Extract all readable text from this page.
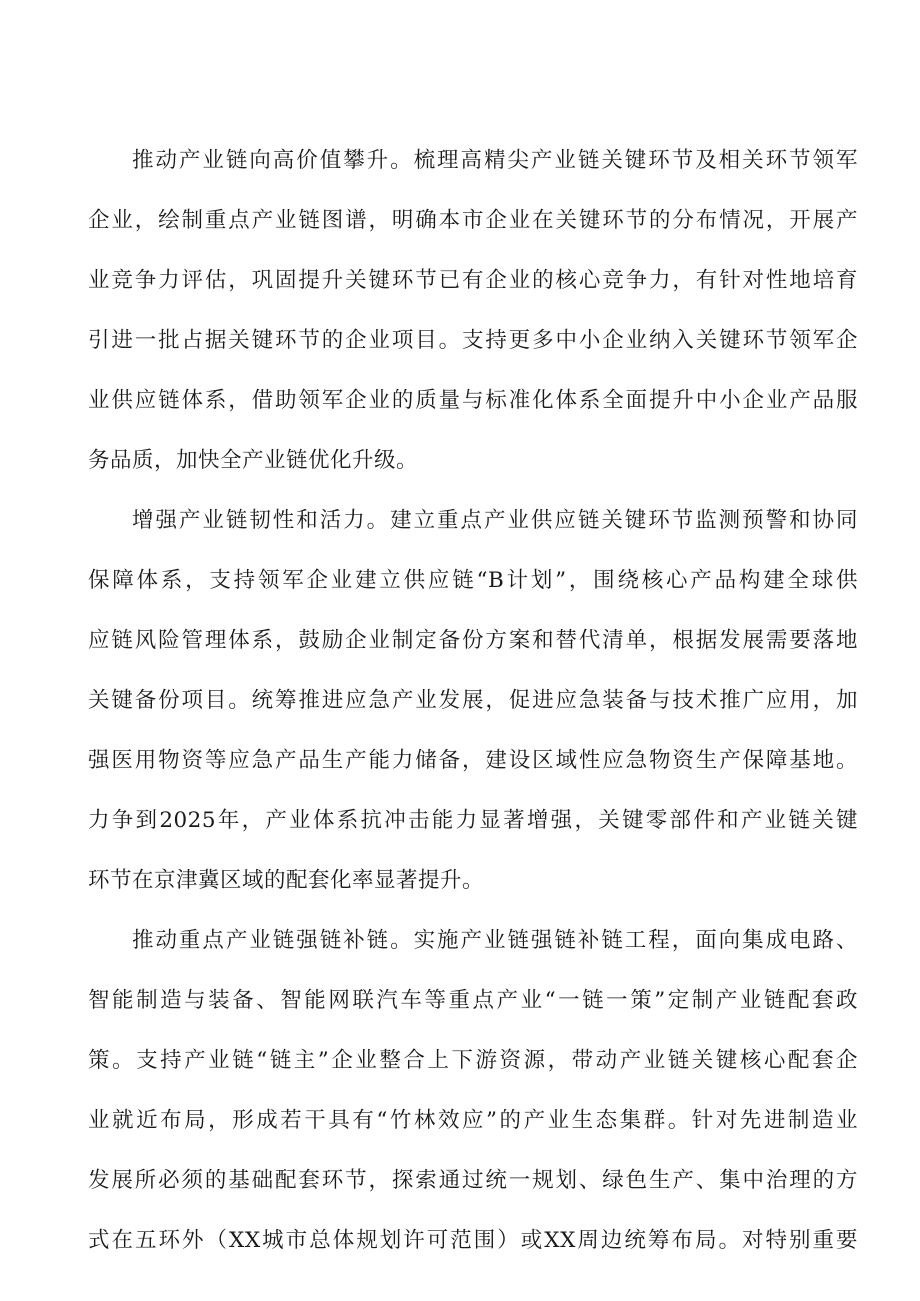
推动产业链向高价值攀升。梳理高精尖产业链关键环节及相关环节领军
企业，绘制重点产业链图谱，明确本市企业在关键环节的分布情况，开展产
业竞争力评估，巩固提升关键环节已有企业的核心竞争力，有针对性地培育
引进一批占据关键环节的企业项目。支持更多中小企业纳入关键环节领军企
业供应链体系，借助领军企业的质量与标准化体系全面提升中小企业产品服
务品质，加快全产业链优化升级。
增强产业链韧性和活力。建立重点产业供应链关键环节监测预警和协同
保障体系，支持领军企业建立供应链“B计划”，围绕核心产品构建全球供
应链风险管理体系，鼓励企业制定备份方案和替代清单，根据发展需要落地
关键备份项目。统筹推进应急产业发展，促进应急装备与技术推广应用，加
强医用物资等应急产品生产能力储备，建设区域性应急物资生产保障基地。
力争到2025年，产业体系抗冲击能力显著增强，关键零部件和产业链关键
环节在京津冀区域的配套化率显著提升。
推动重点产业链强链补链。实施产业链强链补链工程，面向集成电路、
智能制造与装备、智能网联汽车等重点产业“一链一策”定制产业链配套政
策。支持产业链“链主”企业整合上下游资源，带动产业链关键核心配套企
业就近布局，形成若干具有“竹林效应”的产业生态集群。针对先进制造业
发展所必须的基础配套环节，探索通过统一规划、绿色生产、集中治理的方
式在五环外（XX城市总体规划许可范围）或XX周边统筹布局。对特别重要
